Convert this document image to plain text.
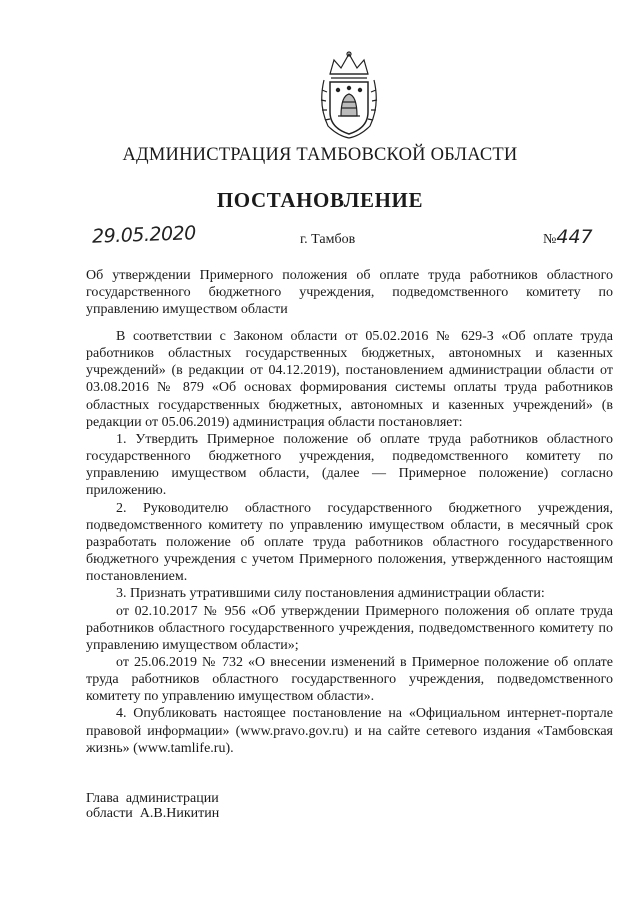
АДМИНИСТРАЦИЯ ТАМБОВСКОЙ ОБЛАСТИ
ПОСТАНОВЛЕНИЕ
29.05.2020	г. Тамбов	№447
Об утверждении Примерного положения об оплате труда работников областного государственного бюджетного учреждения, подведомственного комитету по управлению имуществом области

В соответствии с Законом области от 05.02.2016 № 629-З «Об оплате труда работников областных государственных бюджетных, автономных и казенных учреждений» (в редакции от 04.12.2019), постановлением администрации области от 03.08.2016 № 879 «Об основах формирования системы оплаты труда работников областных государственных бюджетных, автономных и казенных учреждений» (в редакции от 05.06.2019) администрация области постановляет:

1. Утвердить Примерное положение об оплате труда работников областного государственного бюджетного учреждения, подведомственного комитету по управлению имуществом области, (далее — Примерное положение) согласно приложению.

2. Руководителю областного государственного бюджетного учреждения, подведомственного комитету по управлению имуществом области, в месячный срок разработать положение об оплате труда работников областного государственного бюджетного учреждения с учетом Примерного положения, утвержденного настоящим постановлением.

3. Признать утратившими силу постановления администрации области:

от 02.10.2017 № 956 «Об утверждении Примерного положения об оплате труда работников областного государственного учреждения, подведомственного комитету по управлению имуществом области»;

от 25.06.2019 № 732 «О внесении изменений в Примерное положение об оплате труда работников областного государственного учреждения, подведомственного комитету по управлению имуществом области».

4. Опубликовать настоящее постановление на «Официальном интернет-портале правовой информации» (www.pravo.gov.ru) и на сайте сетевого издания «Тамбовская жизнь» (www.tamlife.ru).

Глава  администрации
области  А.В.Никитин
